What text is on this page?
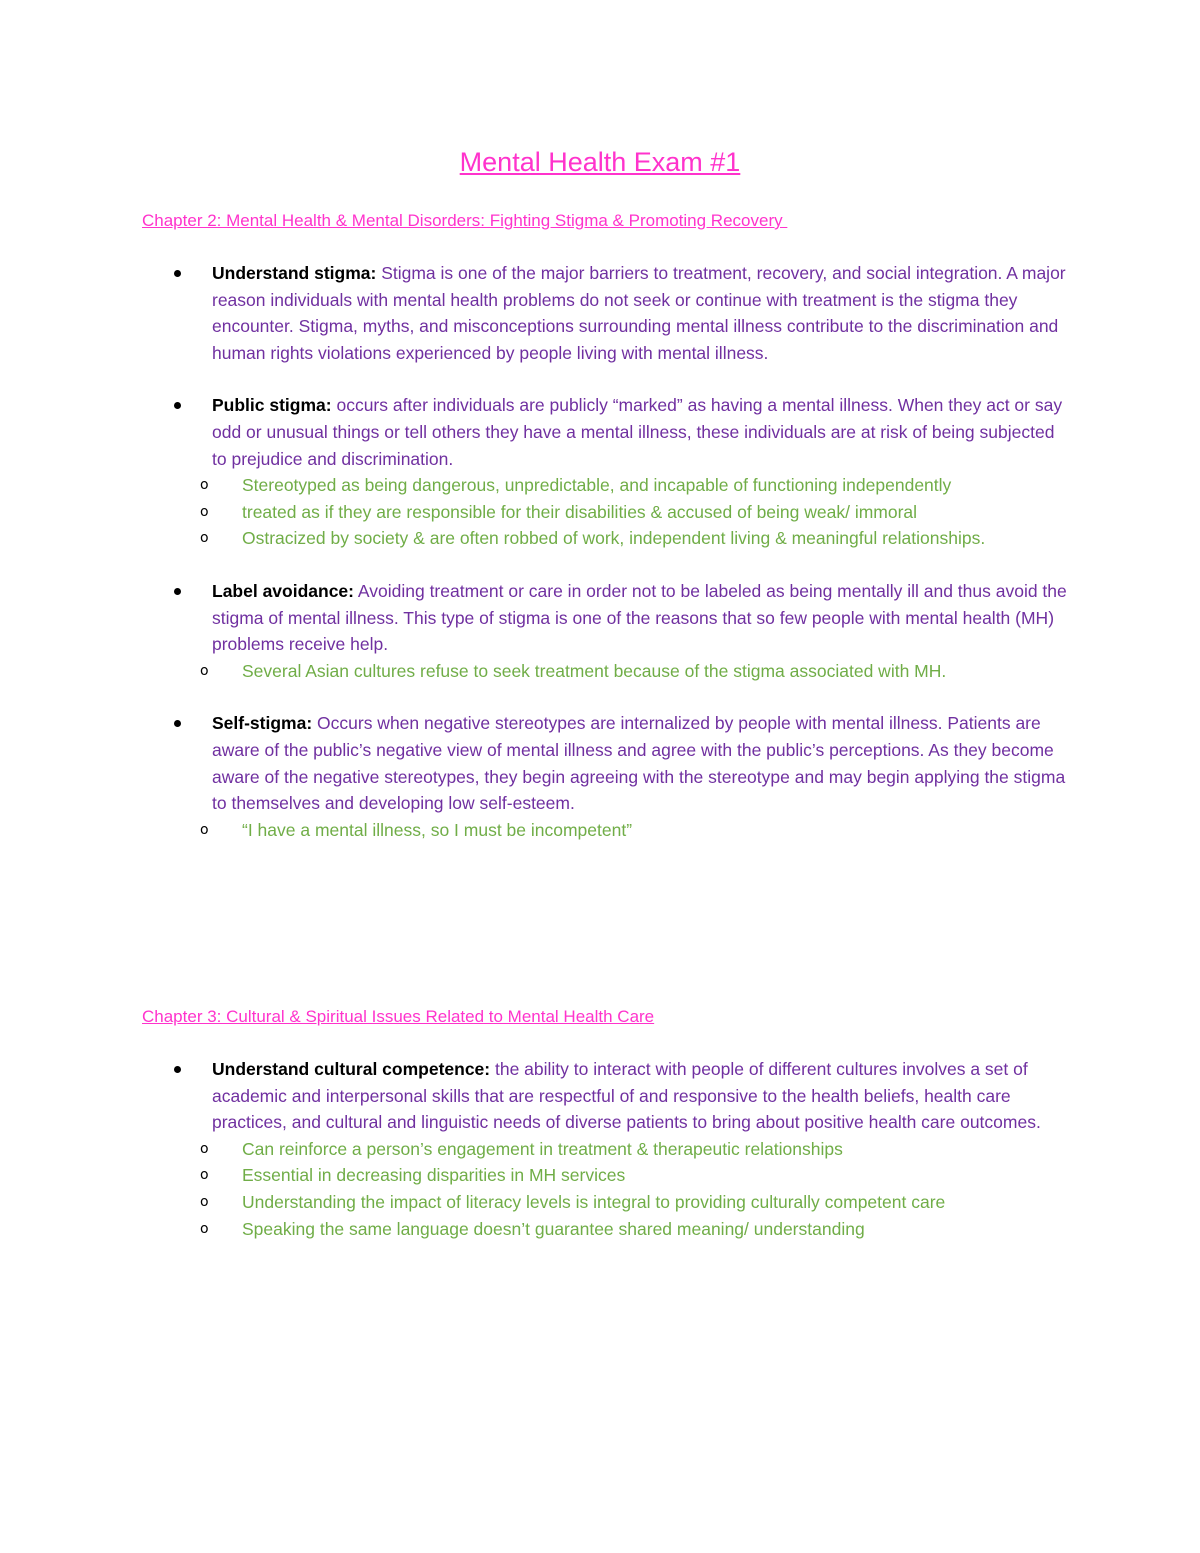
Mental Health Exam #1
Chapter 2: Mental Health & Mental Disorders: Fighting Stigma & Promoting Recovery
Understand stigma: Stigma is one of the major barriers to treatment, recovery, and social integration. A major reason individuals with mental health problems do not seek or continue with treatment is the stigma they encounter. Stigma, myths, and misconceptions surrounding mental illness contribute to the discrimination and human rights violations experienced by people living with mental illness.
Public stigma: occurs after individuals are publicly “marked” as having a mental illness. When they act or say odd or unusual things or tell others they have a mental illness, these individuals are at risk of being subjected to prejudice and discrimination.
o Stereotyped as being dangerous, unpredictable, and incapable of functioning independently
o treated as if they are responsible for their disabilities & accused of being weak/ immoral
o Ostracized by society & are often robbed of work, independent living & meaningful relationships.
Label avoidance: Avoiding treatment or care in order not to be labeled as being mentally ill and thus avoid the stigma of mental illness. This type of stigma is one of the reasons that so few people with mental health (MH) problems receive help.
o Several Asian cultures refuse to seek treatment because of the stigma associated with MH.
Self-stigma: Occurs when negative stereotypes are internalized by people with mental illness. Patients are aware of the public’s negative view of mental illness and agree with the public’s perceptions. As they become aware of the negative stereotypes, they begin agreeing with the stereotype and may begin applying the stigma to themselves and developing low self-esteem.
o “I have a mental illness, so I must be incompetent”
Chapter 3: Cultural & Spiritual Issues Related to Mental Health Care
Understand cultural competence: the ability to interact with people of different cultures involves a set of academic and interpersonal skills that are respectful of and responsive to the health beliefs, health care practices, and cultural and linguistic needs of diverse patients to bring about positive health care outcomes.
o Can reinforce a person’s engagement in treatment & therapeutic relationships
o Essential in decreasing disparities in MH services
o Understanding the impact of literacy levels is integral to providing culturally competent care
o Speaking the same language doesn’t guarantee shared meaning/ understanding
